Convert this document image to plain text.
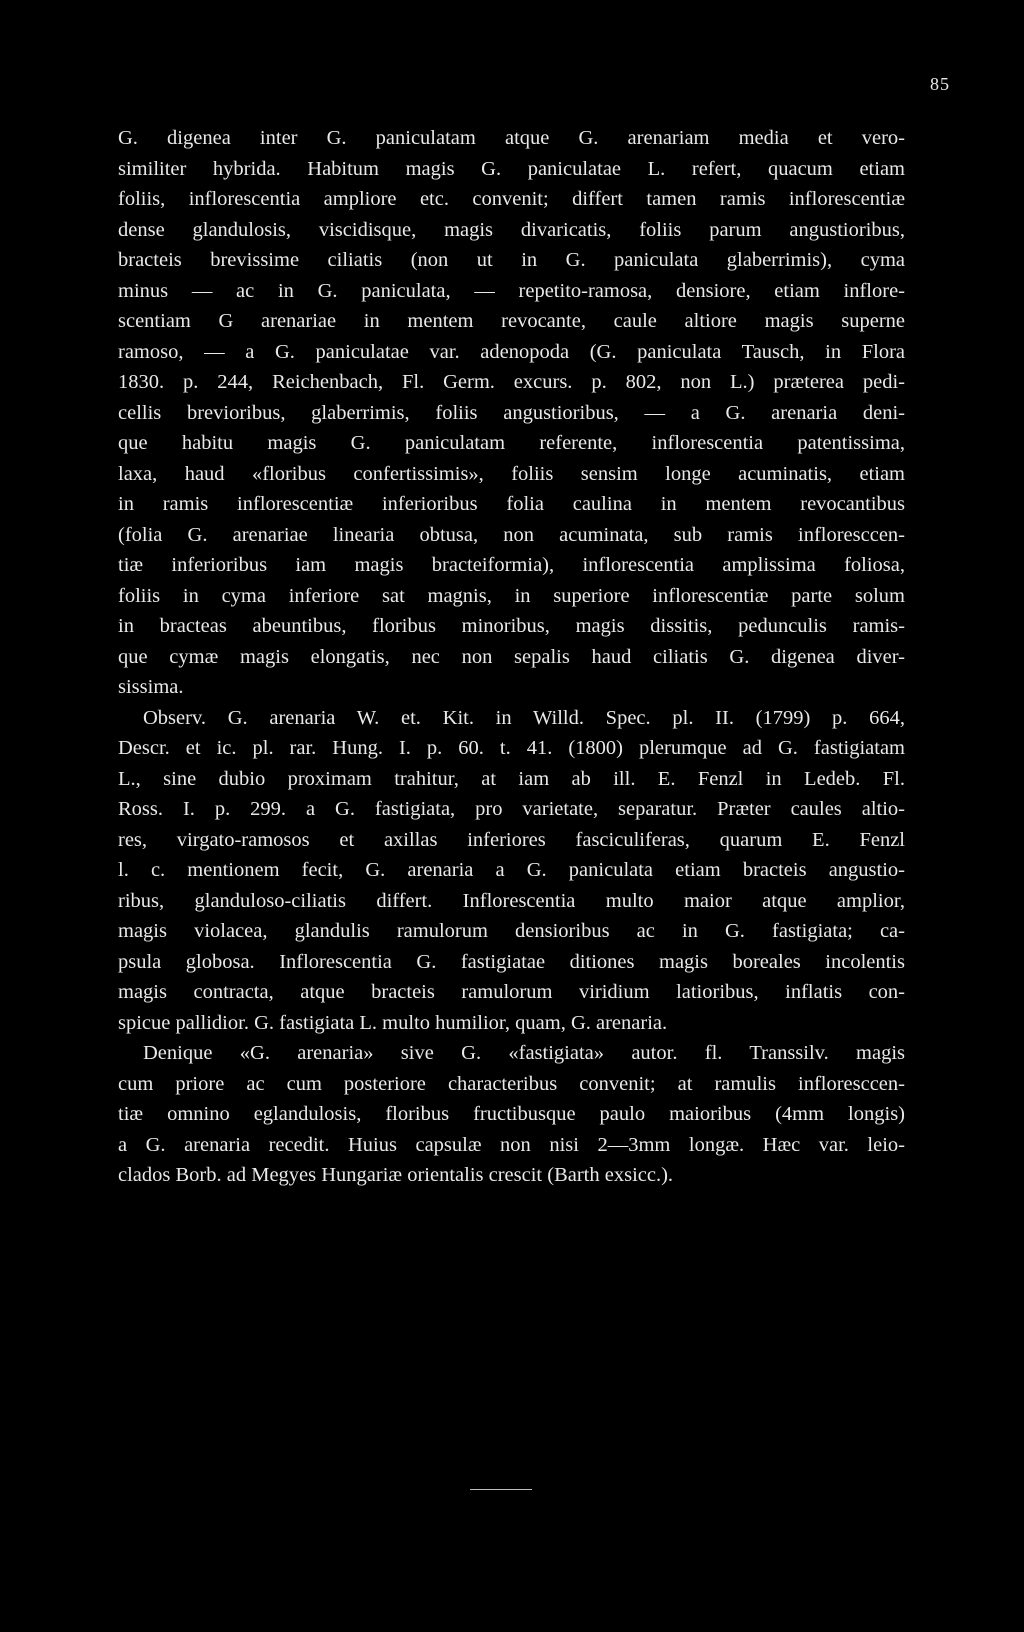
85
G. digenea inter G. paniculatam atque G. arenariam media et vero-
similiter hybrida. Habitum magis G. paniculatae L. refert, quacum etiam
foliis, inflorescentia ampliore etc. convenit; differt tamen ramis inflorescentiæ
dense glandulosis, viscidisque, magis divaricatis, foliis parum angustioribus,
bracteis brevissime ciliatis (non ut in G. paniculata glaberrimis), cyma
minus — ac in G. paniculata, — repetito-ramosa, densiore, etiam inflore-
scentiam G arenariae in mentem revocante, caule altiore magis superne
ramoso, — a G. paniculatae var. adenopoda (G. paniculata Tausch, in Flora
1830. p. 244, Reichenbach, Fl. Germ. excurs. p. 802, non L.) præterea pedi-
cellis brevioribus, glaberrimis, foliis angustioribus, — a G. arenaria deni-
que habitu magis G. paniculatam referente, inflorescentia patentissima,
laxa, haud «floribus confertissimis», foliis sensim longe acuminatis, etiam
in ramis inflorescentiæ inferioribus folia caulina in mentem revocantibus
(folia G. arenariae linearia obtusa, non acuminata, sub ramis infloresccen-
tiæ inferioribus iam magis bracteiformia), inflorescentia amplissima foliosa,
foliis in cyma inferiore sat magnis, in superiore inflorescentiæ parte solum
in bracteas abeuntibus, floribus minoribus, magis dissitis, pedunculis ramis-
que cymæ magis elongatis, nec non sepalis haud ciliatis G. digenea diver-
sissima.
Observ. G. arenaria W. et. Kit. in Willd. Spec. pl. II. (1799) p. 664,
Descr. et ic. pl. rar. Hung. I. p. 60. t. 41. (1800) plerumque ad G. fastigiatam
L., sine dubio proximam trahitur, at iam ab ill. E. Fenzl in Ledeb. Fl.
Ross. I. p. 299. a G. fastigiata, pro varietate, separatur. Præter caules altio-
res, virgato-ramosos et axillas inferiores fasciculiferas, quarum E. Fenzl
l. c. mentionem fecit, G. arenaria a G. paniculata etiam bracteis angustio-
ribus, glanduloso-ciliatis differt. Inflorescentia multo maior atque amplior,
magis violacea, glandulis ramulorum densioribus ac in G. fastigiata; ca-
psula globosa. Inflorescentia G. fastigiatae ditiones magis boreales incolentis
magis contracta, atque bracteis ramulorum viridium latioribus, inflatis con-
spicue pallidior. G. fastigiata L. multo humilior, quam, G. arenaria.
Denique «G. arenaria» sive G. «fastigiata» autor. fl. Transsilv. magis
cum priore ac cum posteriore characteribus convenit; at ramulis infloresccen-
tiæ omnino eglandulosis, floribus fructibusque paulo maioribus (4mm longis)
a G. arenaria recedit. Huius capsulæ non nisi 2—3mm longæ. Hæc var. leio-
clados Borb. ad Megyes Hungariæ orientalis crescit (Barth exsicc.).
